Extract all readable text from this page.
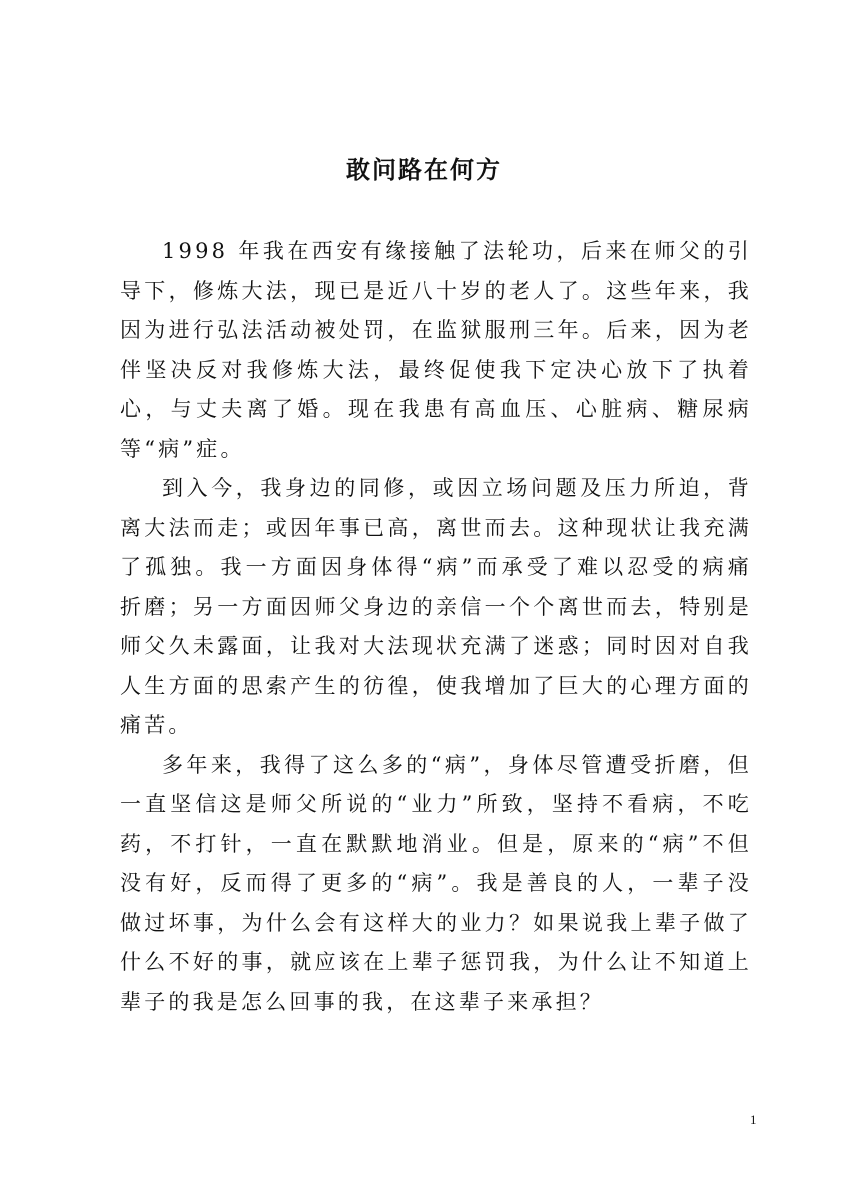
敢问路在何方

1998 年我在西安有缘接触了法轮功，后来在师父的引导下，修炼大法，现已是近八十岁的老人了。这些年来，我因为进行弘法活动被处罚，在监狱服刑三年。后来，因为老伴坚决反对我修炼大法，最终促使我下定决心放下了执着心，与丈夫离了婚。现在我患有高血压、心脏病、糖尿病等“病”症。

到入今，我身边的同修，或因立场问题及压力所迫，背离大法而走；或因年事已高，离世而去。这种现状让我充满了孤独。我一方面因身体得“病”而承受了难以忍受的病痛折磨；另一方面因师父身边的亲信一个个离世而去，特别是师父久未露面，让我对大法现状充满了迷惑；同时因对自我人生方面的思索产生的彷徨，使我增加了巨大的心理方面的痛苦。

多年来，我得了这么多的“病”，身体尽管遭受折磨，但一直坚信这是师父所说的“业力”所致，坚持不看病，不吃药，不打针，一直在默默地消业。但是，原来的“病”不但没有好，反而得了更多的“病”。我是善良的人，一辈子没做过坏事，为什么会有这样大的业力？如果说我上辈子做了什么不好的事，就应该在上辈子惩罚我，为什么让不知道上辈子的我是怎么回事的我，在这辈子来承担？

1
